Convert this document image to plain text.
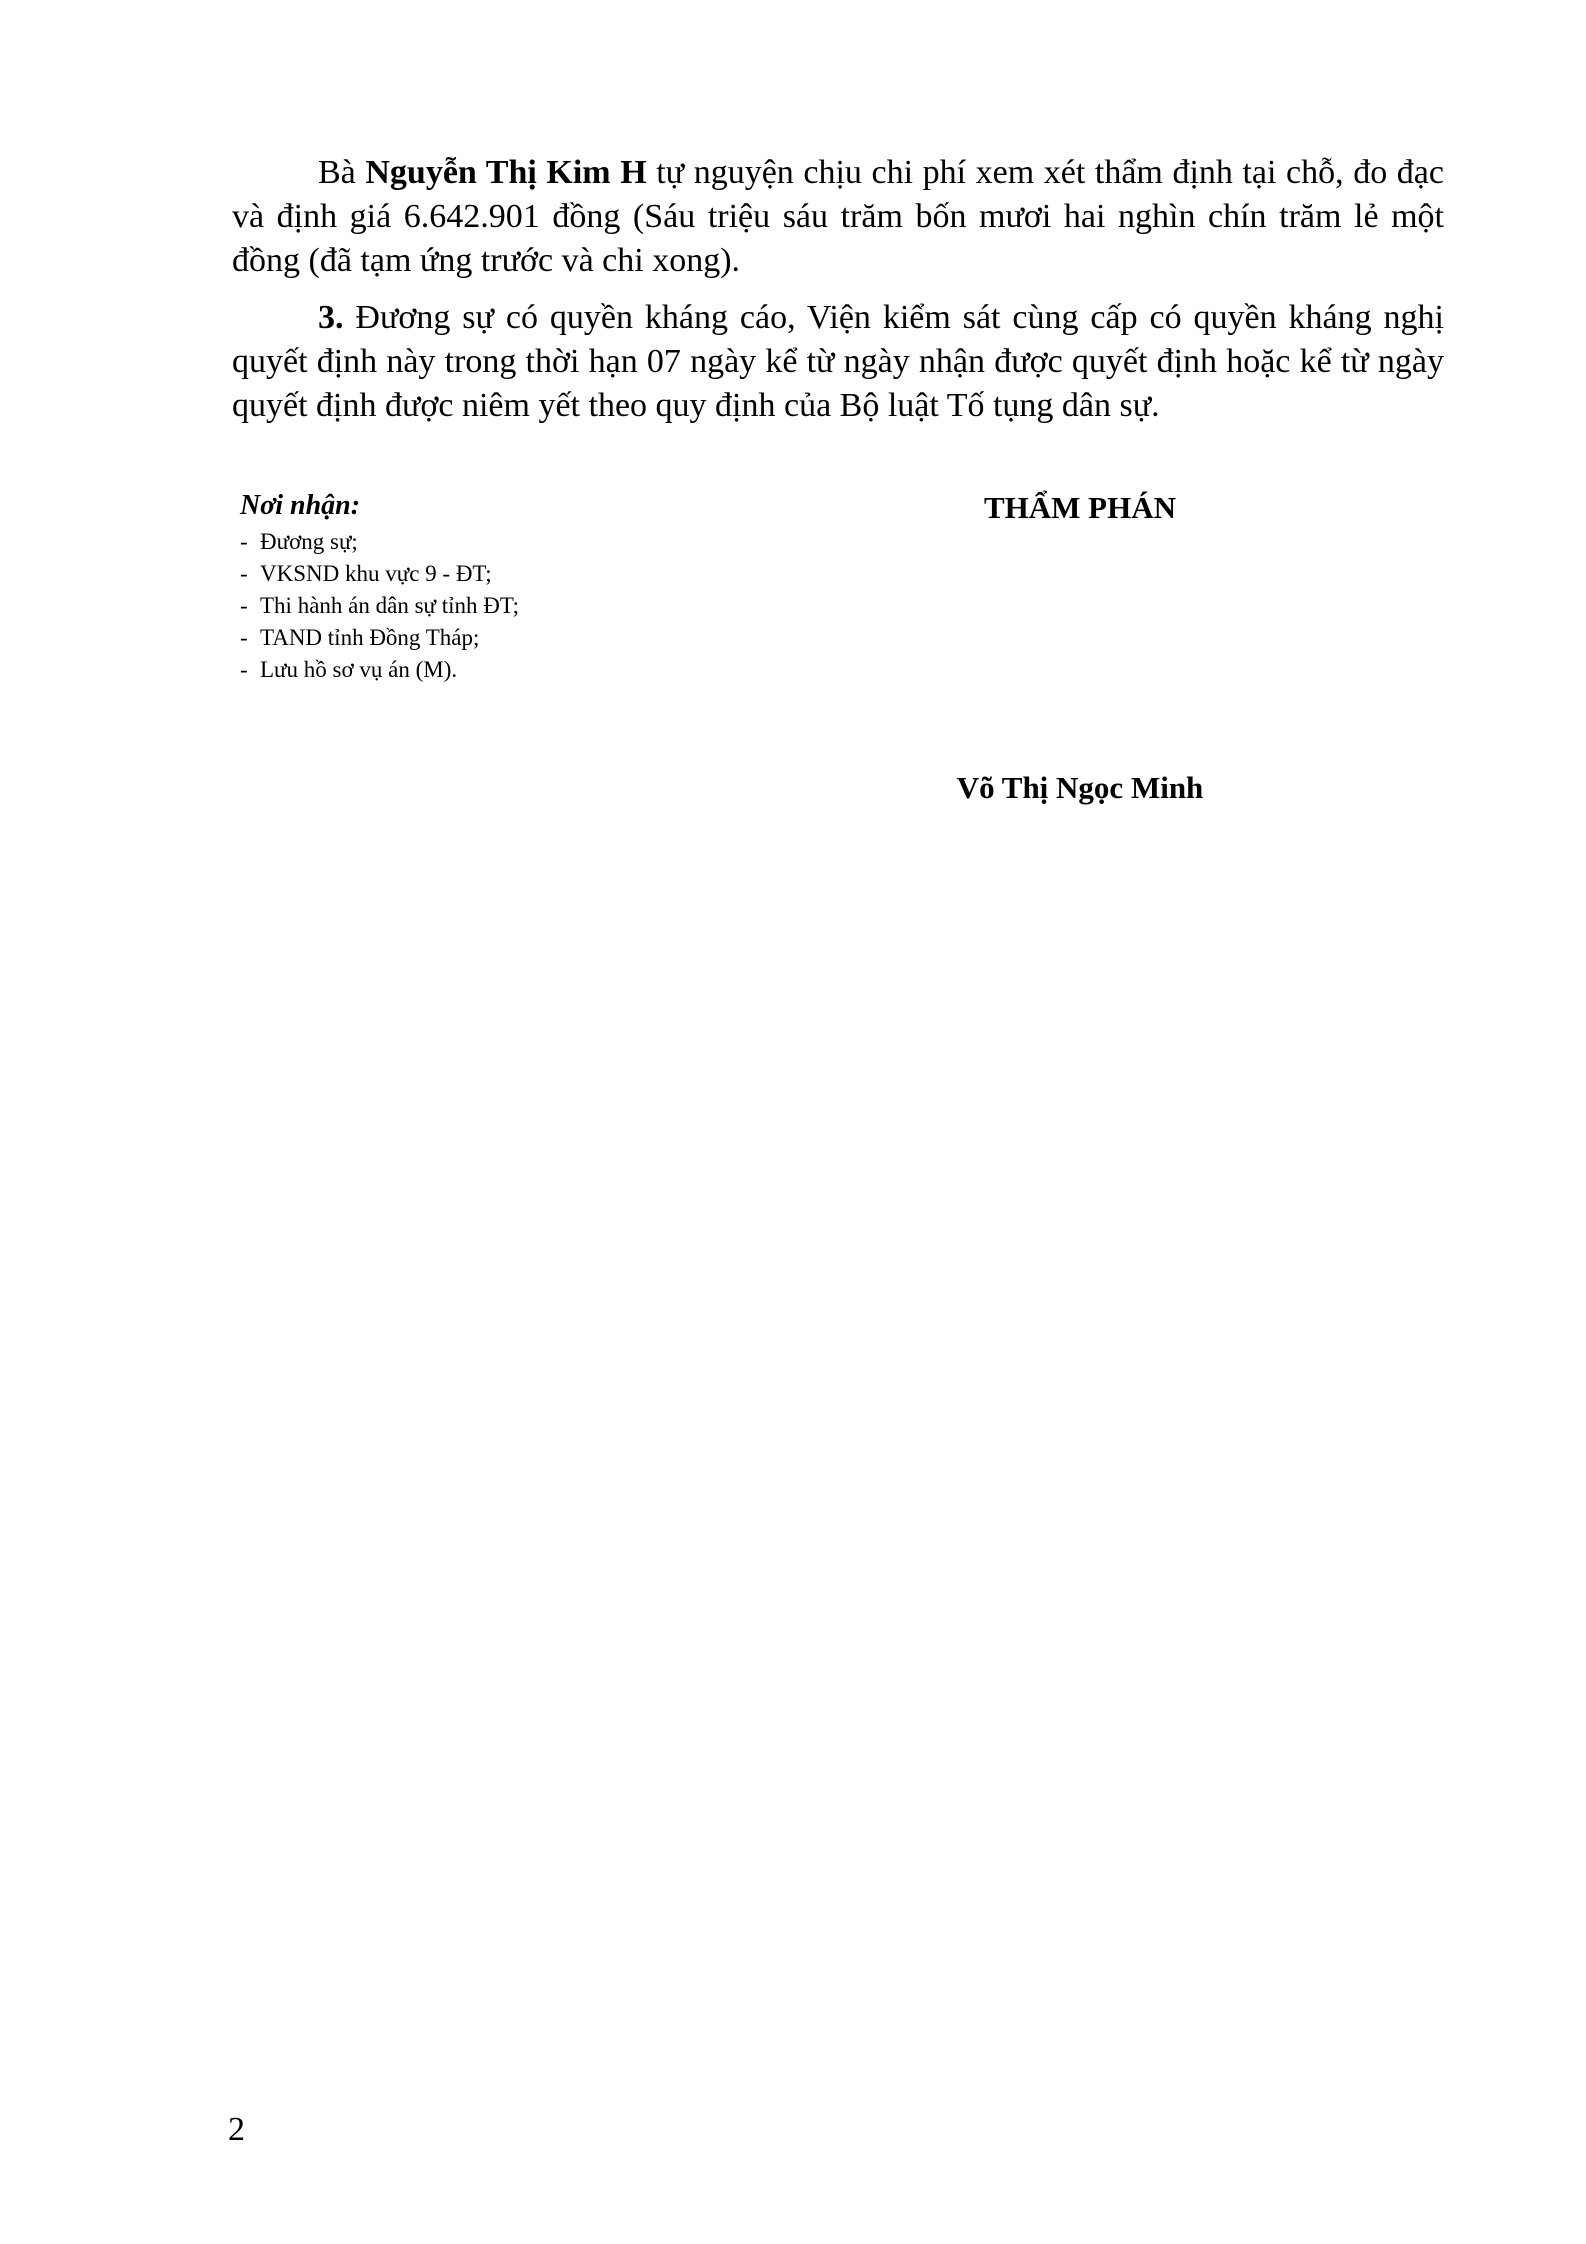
Bà Nguyễn Thị Kim H tự nguyện chịu chi phí xem xét thẩm định tại chỗ, đo đạc và định giá 6.642.901 đồng (Sáu triệu sáu trăm bốn mươi hai nghìn chín trăm lẻ một đồng (đã tạm ứng trước và chi xong).

3. Đương sự có quyền kháng cáo, Viện kiểm sát cùng cấp có quyền kháng nghị quyết định này trong thời hạn 07 ngày kể từ ngày nhận được quyết định hoặc kể từ ngày quyết định được niêm yết theo quy định của Bộ luật Tố tụng dân sự.

Nơi nhận:

- Đương sự;
- VKSND khu vực 9 - ĐT;
- Thi hành án dân sự tỉnh ĐT;
- TAND tỉnh Đồng Tháp;
- Lưu hồ sơ vụ án (M).

THẨM PHÁN

Võ Thị Ngọc Minh

2
